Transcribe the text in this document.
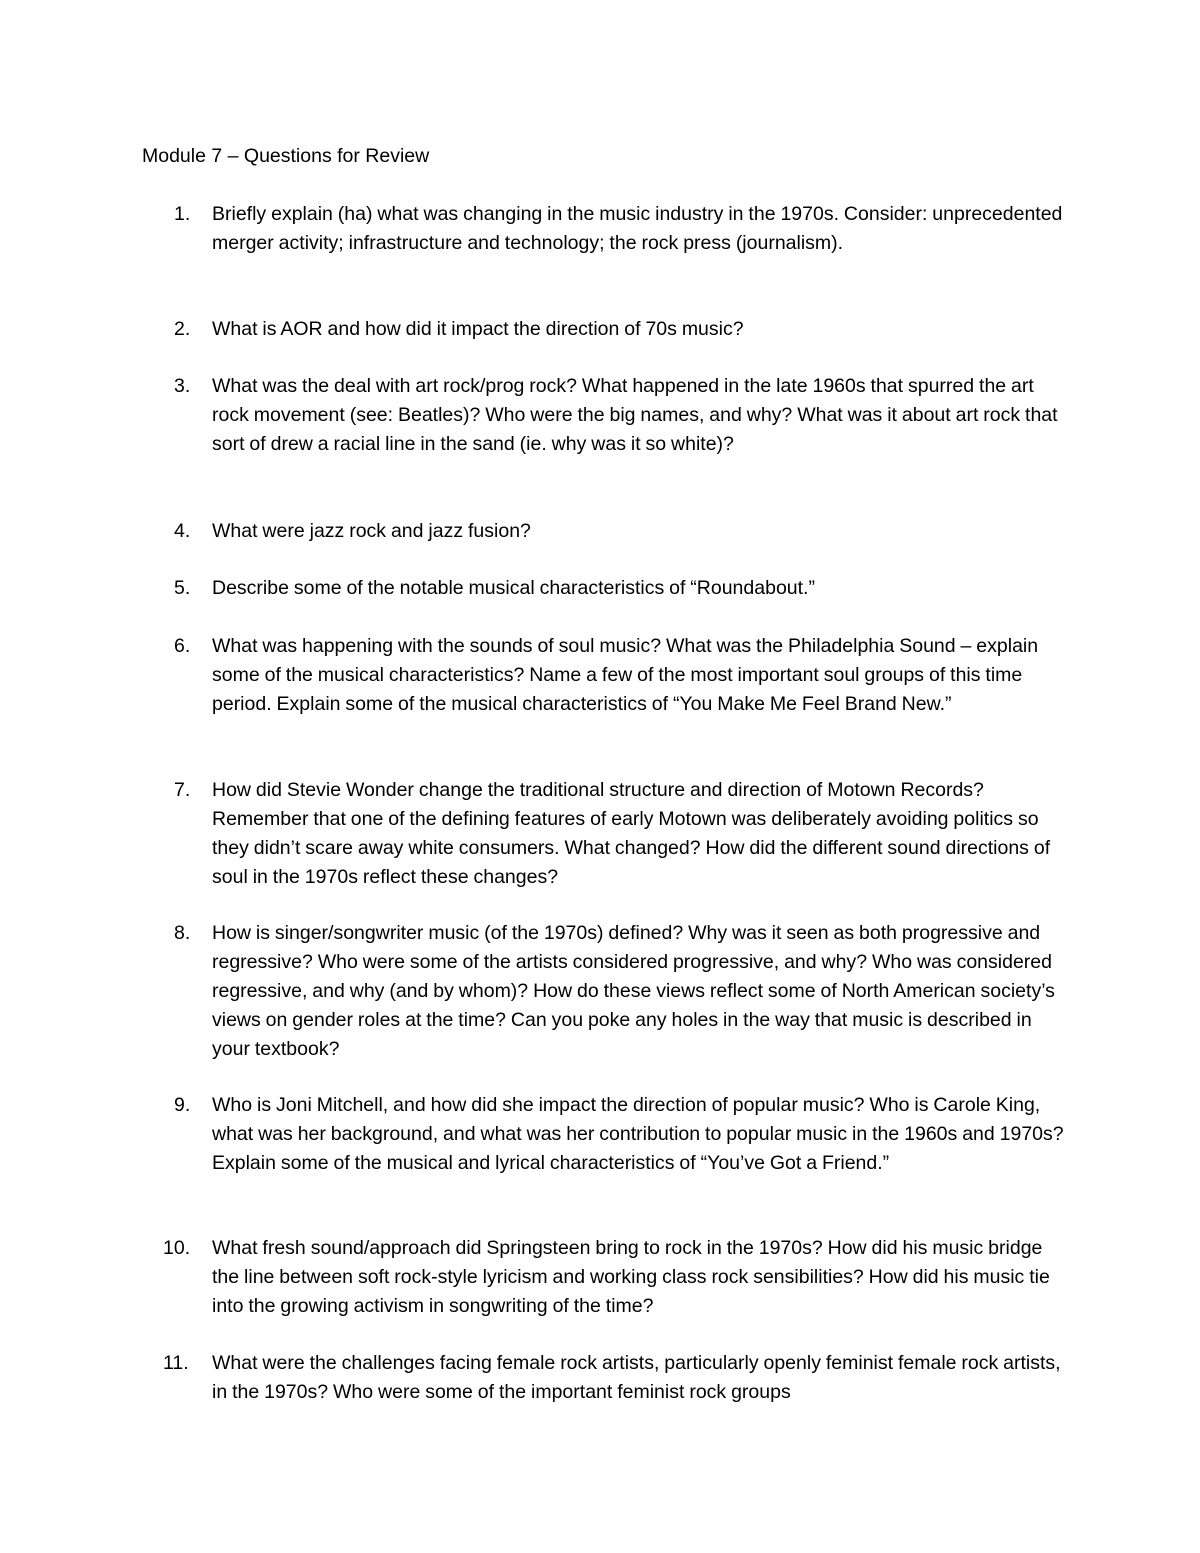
Module 7 – Questions for Review
1. Briefly explain (ha) what was changing in the music industry in the 1970s. Consider: unprecedented merger activity; infrastructure and technology; the rock press (journalism).
2. What is AOR and how did it impact the direction of 70s music?
3. What was the deal with art rock/prog rock? What happened in the late 1960s that spurred the art rock movement (see: Beatles)? Who were the big names, and why? What was it about art rock that sort of drew a racial line in the sand (ie. why was it so white)?
4. What were jazz rock and jazz fusion?
5. Describe some of the notable musical characteristics of “Roundabout.”
6. What was happening with the sounds of soul music? What was the Philadelphia Sound – explain some of the musical characteristics? Name a few of the most important soul groups of this time period. Explain some of the musical characteristics of “You Make Me Feel Brand New.”
7. How did Stevie Wonder change the traditional structure and direction of Motown Records? Remember that one of the defining features of early Motown was deliberately avoiding politics so they didn’t scare away white consumers. What changed? How did the different sound directions of soul in the 1970s reflect these changes?
8. How is singer/songwriter music (of the 1970s) defined? Why was it seen as both progressive and regressive? Who were some of the artists considered progressive, and why? Who was considered regressive, and why (and by whom)? How do these views reflect some of North American society’s views on gender roles at the time? Can you poke any holes in the way that music is described in your textbook?
9. Who is Joni Mitchell, and how did she impact the direction of popular music? Who is Carole King, what was her background, and what was her contribution to popular music in the 1960s and 1970s? Explain some of the musical and lyrical characteristics of “You’ve Got a Friend.”
10. What fresh sound/approach did Springsteen bring to rock in the 1970s? How did his music bridge the line between soft rock-style lyricism and working class rock sensibilities? How did his music tie into the growing activism in songwriting of the time?
11. What were the challenges facing female rock artists, particularly openly feminist female rock artists, in the 1970s? Who were some of the important feminist rock groups
